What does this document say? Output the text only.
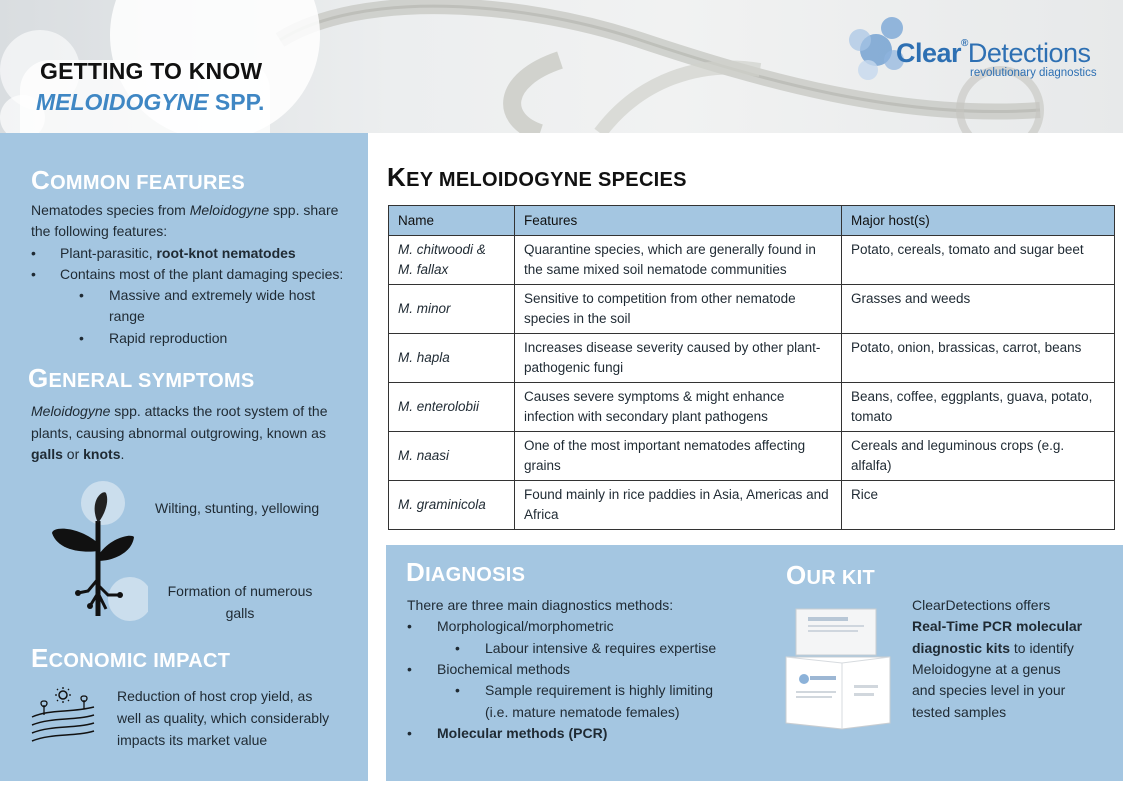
GETTING TO KNOW
MELOIDOGYNE SPP.
Clear®Detections
revolutionary diagnostics
COMMON FEATURES
Nematodes species from Meloidogyne spp. share
the following features:
• Plant-parasitic, root-knot nematodes
• Contains most of the plant damaging species:
• Massive and extremely wide host
range
• Rapid reproduction
GENERAL SYMPTOMS
Meloidogyne spp. attacks the root system of the
plants, causing abnormal outgrowing, known as
galls or knots.
Wilting, stunting, yellowing
Formation of numerous
galls
ECONOMIC IMPACT
Reduction of host crop yield, as
well as quality, which considerably
impacts its market value
KEY MELOIDOGYNE SPECIES
Name	Features	Major host(s)
M. chitwoodi &
M. fallax	Quarantine species, which are generally found in the same mixed soil nematode communities	Potato, cereals, tomato and sugar beet
M. minor	Sensitive to competition from other nematode species in the soil	Grasses and weeds
M. hapla	Increases disease severity caused by other plant-pathogenic fungi	Potato, onion, brassicas, carrot, beans
M. enterolobii	Causes severe symptoms & might enhance infection with secondary plant pathogens	Beans, coffee, eggplants, guava, potato, tomato
M. naasi	One of the most important nematodes affecting grains	Cereals and leguminous crops (e.g. alfalfa)
M. graminicola	Found mainly in rice paddies in Asia, Americas and Africa	Rice
DIAGNOSIS
There are three main diagnostics methods:
• Morphological/morphometric
• Labour intensive & requires expertise
• Biochemical methods
• Sample requirement is highly limiting
(i.e. mature nematode females)
• Molecular methods (PCR)
OUR KIT
ClearDetections offers
Real-Time PCR molecular
diagnostic kits to identify
Meloidogyne at a genus
and species level in your
tested samples
